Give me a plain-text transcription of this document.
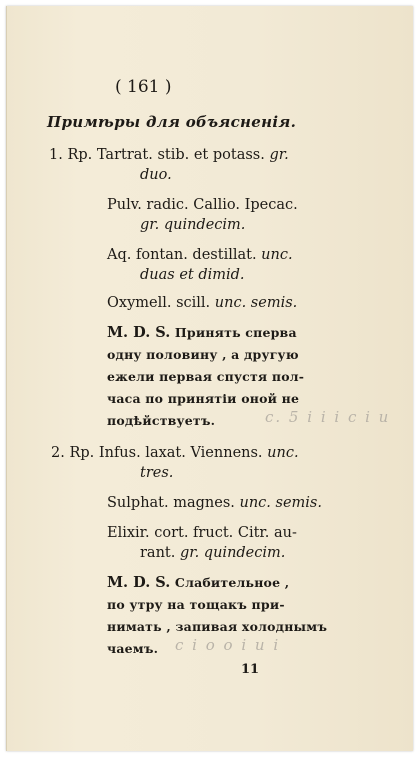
( 161 )
Примѣры для объясненія.
1. Rp. Tartrat. stib. et potass. gr.
duo.
Pulv. radic. Callio. Ipecac.
gr. quindecim.
Aq. fontan. destillat. unc.
duas et dimid.
Oxymell. scill. unc. semis.
M. D. S. Принять сперва
одну половину , а другую
ежели первая спустя пол-
часа по принятіи оной не
подѣйствуетъ.	c. 5 i i i c i u
2. Rp. Infus. laxat. Viennens. unc.
tres.
Sulphat. magnes. unc. semis.
Elixir. cort. fruct. Citr. au-
rant. gr. quindecim.
M. D. S. Слабительное ,
по утру на тощакъ при-
нимать , запивая холоднымъ
чаемъ. c i o o i u i
11
